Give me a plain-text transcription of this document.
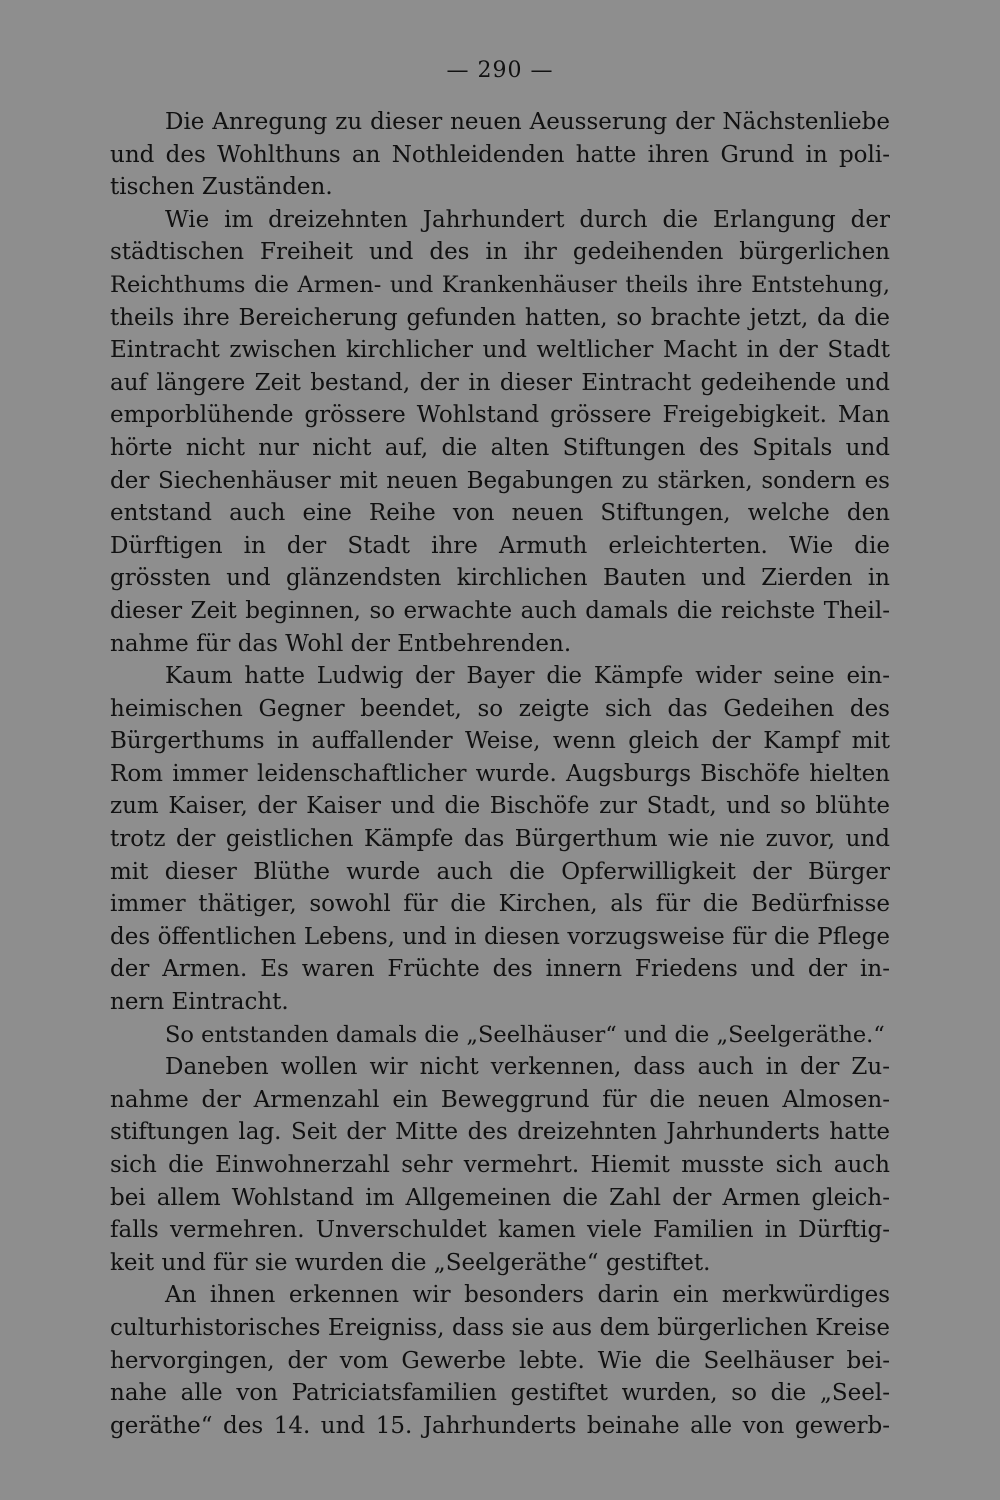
— 290 —
Die Anregung zu dieser neuen Aeusserung der Nächstenliebe
und des Wohlthuns an Nothleidenden hatte ihren Grund in poli-
tischen Zuständen.
Wie im dreizehnten Jahrhundert durch die Erlangung der
städtischen Freiheit und des in ihr gedeihenden bürgerlichen
Reichthums die Armen- und Krankenhäuser theils ihre Entstehung,
theils ihre Bereicherung gefunden hatten, so brachte jetzt, da die
Eintracht zwischen kirchlicher und weltlicher Macht in der Stadt
auf längere Zeit bestand, der in dieser Eintracht gedeihende und
emporblühende grössere Wohlstand grössere Freigebigkeit. Man
hörte nicht nur nicht auf, die alten Stiftungen des Spitals und
der Siechenhäuser mit neuen Begabungen zu stärken, sondern es
entstand auch eine Reihe von neuen Stiftungen, welche den
Dürftigen in der Stadt ihre Armuth erleichterten. Wie die
grössten und glänzendsten kirchlichen Bauten und Zierden in
dieser Zeit beginnen, so erwachte auch damals die reichste Theil-
nahme für das Wohl der Entbehrenden.
Kaum hatte Ludwig der Bayer die Kämpfe wider seine ein-
heimischen Gegner beendet, so zeigte sich das Gedeihen des
Bürgerthums in auffallender Weise, wenn gleich der Kampf mit
Rom immer leidenschaftlicher wurde. Augsburgs Bischöfe hielten
zum Kaiser, der Kaiser und die Bischöfe zur Stadt, und so blühte
trotz der geistlichen Kämpfe das Bürgerthum wie nie zuvor, und
mit dieser Blüthe wurde auch die Opferwilligkeit der Bürger
immer thätiger, sowohl für die Kirchen, als für die Bedürfnisse
des öffentlichen Lebens, und in diesen vorzugsweise für die Pflege
der Armen. Es waren Früchte des innern Friedens und der in-
nern Eintracht.
So entstanden damals die „Seelhäuser“ und die „Seelgeräthe.“
Daneben wollen wir nicht verkennen, dass auch in der Zu-
nahme der Armenzahl ein Beweggrund für die neuen Almosen-
stiftungen lag. Seit der Mitte des dreizehnten Jahrhunderts hatte
sich die Einwohnerzahl sehr vermehrt. Hiemit musste sich auch
bei allem Wohlstand im Allgemeinen die Zahl der Armen gleich-
falls vermehren. Unverschuldet kamen viele Familien in Dürftig-
keit und für sie wurden die „Seelgeräthe“ gestiftet.
An ihnen erkennen wir besonders darin ein merkwürdiges
culturhistorisches Ereigniss, dass sie aus dem bürgerlichen Kreise
hervorgingen, der vom Gewerbe lebte. Wie die Seelhäuser bei-
nahe alle von Patriciatsfamilien gestiftet wurden, so die „Seel-
geräthe“ des 14. und 15. Jahrhunderts beinahe alle von gewerb-
